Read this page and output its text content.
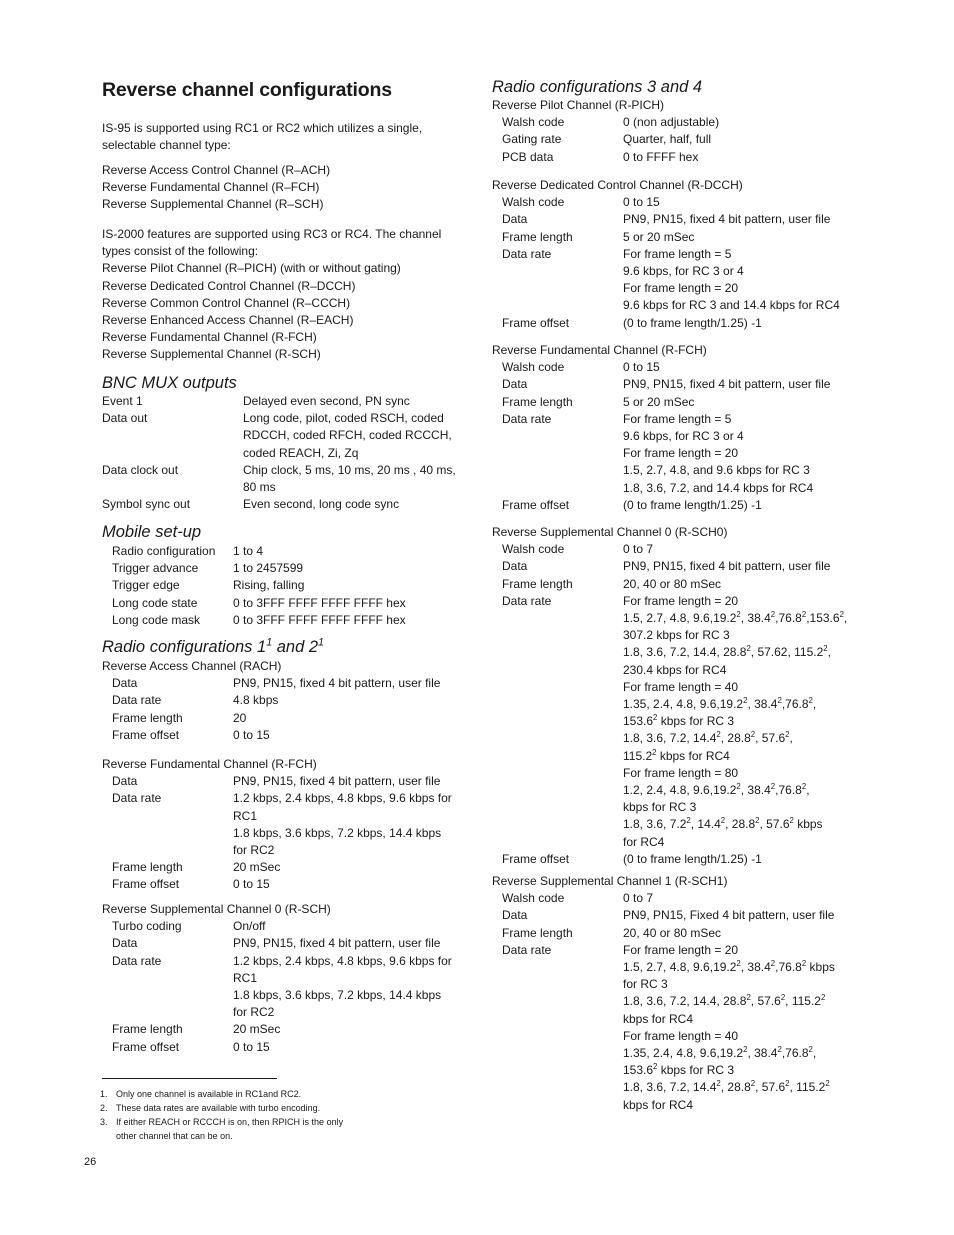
Reverse channel configurations
IS-95 is supported using RC1 or RC2 which utilizes a single,
selectable channel type:
Reverse Access Control Channel (R–ACH)
Reverse Fundamental Channel (R–FCH)
Reverse Supplemental Channel (R–SCH)
IS-2000 features are supported using RC3 or RC4. The channel
types consist of the following:
Reverse Pilot Channel (R–PICH) (with or without gating)
Reverse Dedicated Control Channel (R–DCCH)
Reverse Common Control Channel (R–CCCH)
Reverse Enhanced Access Channel (R–EACH)
Reverse Fundamental Channel (R-FCH)
Reverse Supplemental Channel (R-SCH)
BNC MUX outputs
Event 1	Delayed even second, PN sync
Data out	Long code, pilot, coded RSCH, coded
RDCCH, coded RFCH, coded RCCCH,
coded REACH, Zi, Zq
Data clock out	Chip clock, 5 ms, 10 ms, 20 ms , 40 ms,
80 ms
Symbol sync out	Even second, long code sync
Mobile set-up
Radio configuration	1 to 4
Trigger advance	1 to 2457599
Trigger edge	Rising, falling
Long code state	0 to 3FFF FFFF FFFF FFFF hex
Long code mask	0 to 3FFF FFFF FFFF FFFF hex
Radio configurations $1^1$ and $2^1$
Reverse Access Channel (RACH)
Data	PN9, PN15, fixed 4 bit pattern, user file
Data rate	4.8 kbps
Frame length	20
Frame offset	0 to 15
Reverse Fundamental Channel (R-FCH)
Data	PN9, PN15, fixed 4 bit pattern, user file
Data rate	1.2 kbps, 2.4 kbps, 4.8 kbps, 9.6 kbps for
RC1
1.8 kbps, 3.6 kbps, 7.2 kbps, 14.4 kbps
for RC2
Frame length	20 mSec
Frame offset	0 to 15
Reverse Supplemental Channel 0 (R-SCH)
Turbo coding	On/off
Data	PN9, PN15, fixed 4 bit pattern, user file
Data rate	1.2 kbps, 2.4 kbps, 4.8 kbps, 9.6 kbps for
RC1
1.8 kbps, 3.6 kbps, 7.2 kbps, 14.4 kbps
for RC2
Frame length	20 mSec
Frame offset	0 to 15
1. Only one channel is available in RC1and RC2.
2. These data rates are available with turbo encoding.
3. If either REACH or RCCCH is on, then RPICH is the only
other channel that can be on.
26
Radio configurations 3 and 4
Reverse Pilot Channel (R-PICH)
Walsh code	0 (non adjustable)
Gating rate	Quarter, half, full
PCB data	0 to FFFF hex
Reverse Dedicated Control Channel (R-DCCH)
Walsh code	0 to 15
Data	PN9, PN15, fixed 4 bit pattern, user file
Frame length	5 or 20 mSec
Data rate	For frame length = 5
9.6 kbps, for RC 3 or 4
For frame length = 20
9.6 kbps for RC 3 and 14.4 kbps for RC4
Frame offset	(0 to frame length/1.25) -1
Reverse Fundamental Channel (R-FCH)
Walsh code	0 to 15
Data	PN9, PN15, fixed 4 bit pattern, user file
Frame length	5 or 20 mSec
Data rate	For frame length = 5
9.6 kbps, for RC 3 or 4
For frame length = 20
1.5, 2.7, 4.8, and 9.6 kbps for RC 3
1.8, 3.6, 7.2, and 14.4 kbps for RC4
Frame offset	(0 to frame length/1.25) -1
Reverse Supplemental Channel 0 (R-SCH0)
Walsh code	0 to 7
Data	PN9, PN15, fixed 4 bit pattern, user file
Frame length	20, 40 or 80 mSec
Data rate	For frame length = 20
1.5, 2.7, 4.8, 9.6,19.2$^2$, 38.4$^2$,76.8$^2$,153.6$^2$,
307.2 kbps for RC 3
1.8, 3.6, 7.2, 14.4, 28.8$^2$, 57.62, 115.2$^2$,
230.4 kbps for RC4
For frame length = 40
1.35, 2.4, 4.8, 9.6,19.2$^2$, 38.4$^2$,76.8$^2$,
153.6$^2$ kbps for RC 3
1.8, 3.6, 7.2, 14.4$^2$, 28.8$^2$, 57.6$^2$,
115.2$^2$ kbps for RC4
For frame length = 80
1.2, 2.4, 4.8, 9.6,19.2$^2$, 38.4$^2$,76.8$^2$,
kbps for RC 3
1.8, 3.6, $7.2^2$, 14.4$^2$, 28.8$^2$, 57.6$^2$ kbps
for RC4
Frame offset	(0 to frame length/1.25) -1
Reverse Supplemental Channel 1 (R-SCH1)
Walsh code	0 to 7
Data	PN9, PN15, Fixed 4 bit pattern, user file
Frame length	20, 40 or 80 mSec
Data rate	For frame length = 20
1.5, 2.7, 4.8, 9.6,19.2$^2$, 38.4$^2$,76.8$^2$ kbps
for RC 3
1.8, 3.6, 7.2, 14.4, 28.8$^2$, 57.6$^2$, 115.2$^2$
kbps for RC4
For frame length = 40
1.35, 2.4, 4.8, 9.6,19.2$^2$, 38.4$^2$,76.8$^2$,
153.6$^2$ kbps for RC 3
1.8, 3.6, 7.2, 14.4$^2$, 28.8$^2$, 57.6$^2$, 115.2$^2$
kbps for RC4
